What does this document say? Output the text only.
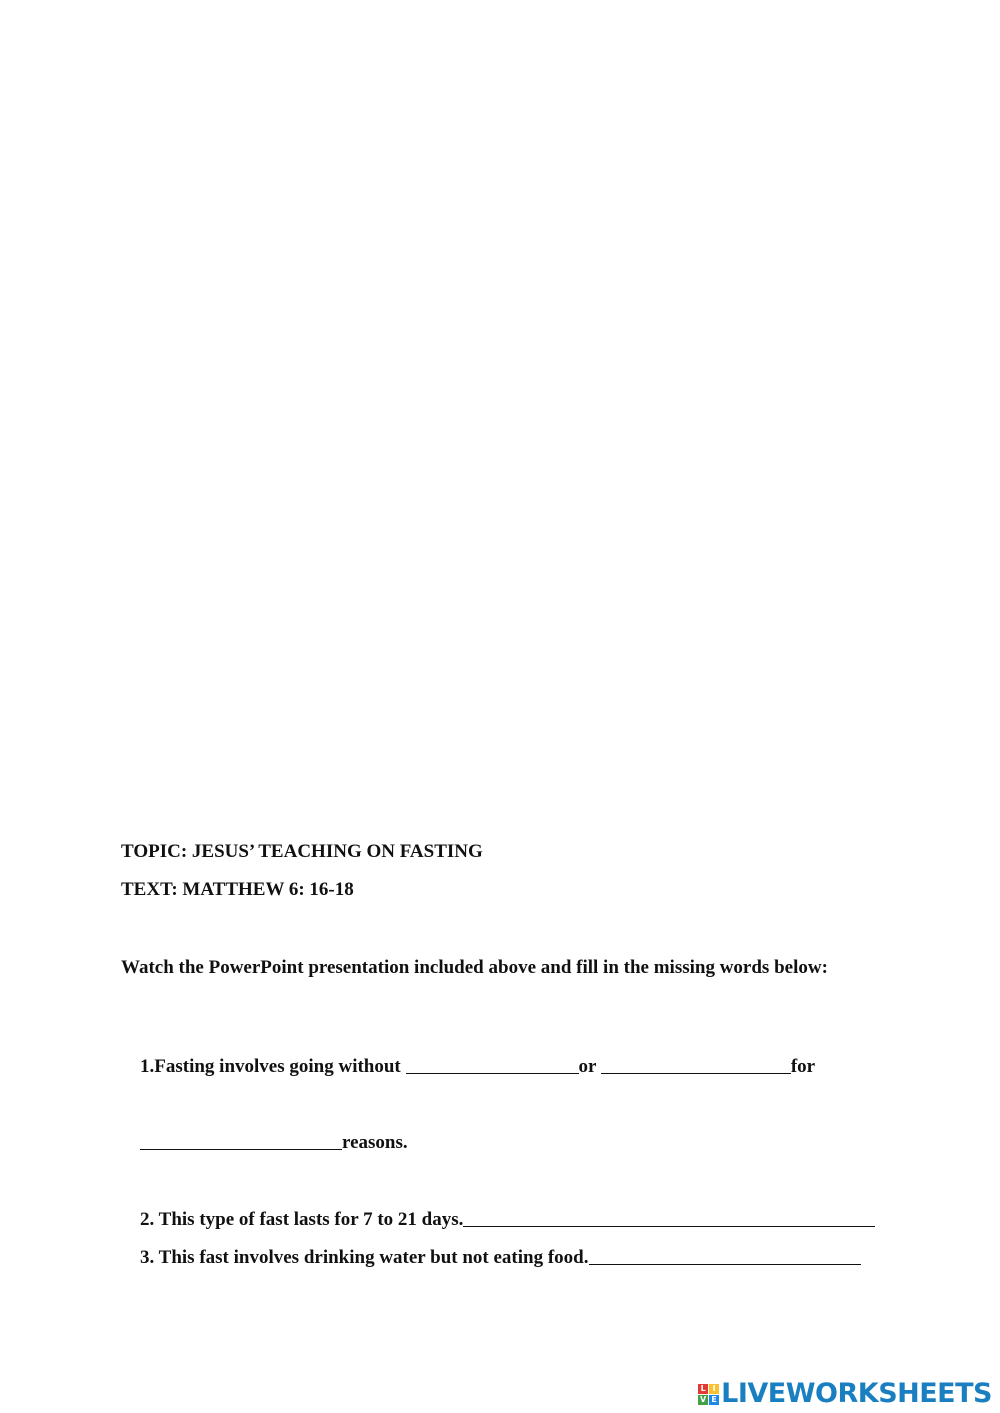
TOPIC: JESUS’ TEACHING ON FASTING
TEXT: MATTHEW 6: 16-18
Watch the PowerPoint presentation included above and fill in the missing words below:

1.Fasting involves going without	or	for

reasons.

2. This type of fast lasts for 7 to 21 days.

3. This fast involves drinking water but not eating food.

L I
V E LIVEWORKSHEETS
